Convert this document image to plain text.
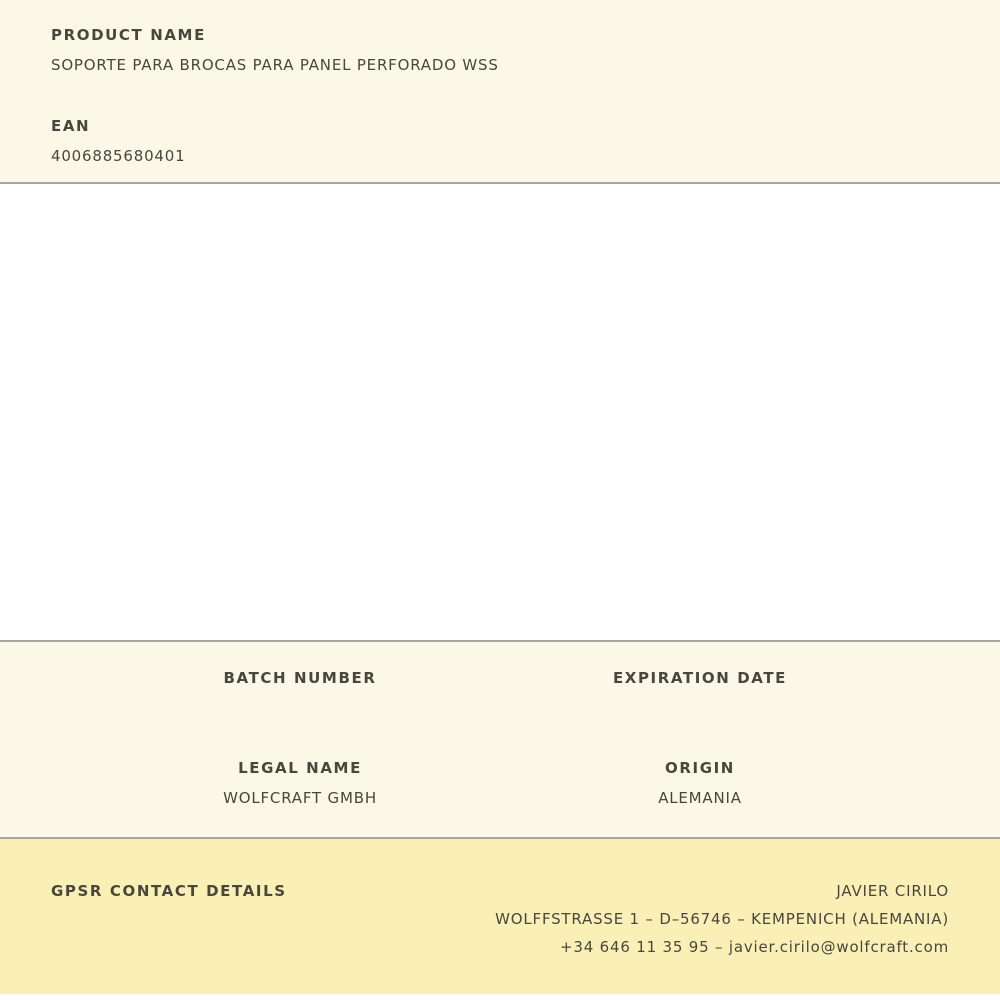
PRODUCT NAME
SOPORTE PARA BROCAS PARA PANEL PERFORADO WSS
EAN
4006885680401
BATCH NUMBER	EXPIRATION DATE
LEGAL NAME
WOLFCRAFT GMBH
ORIGIN
ALEMANIA
GPSR CONTACT DETAILS	JAVIER CIRILO
WOLFFSTRASSE 1 – D–56746 – KEMPENICH (ALEMANIA)
+34 646 11 35 95 – javier.cirilo@wolfcraft.com
